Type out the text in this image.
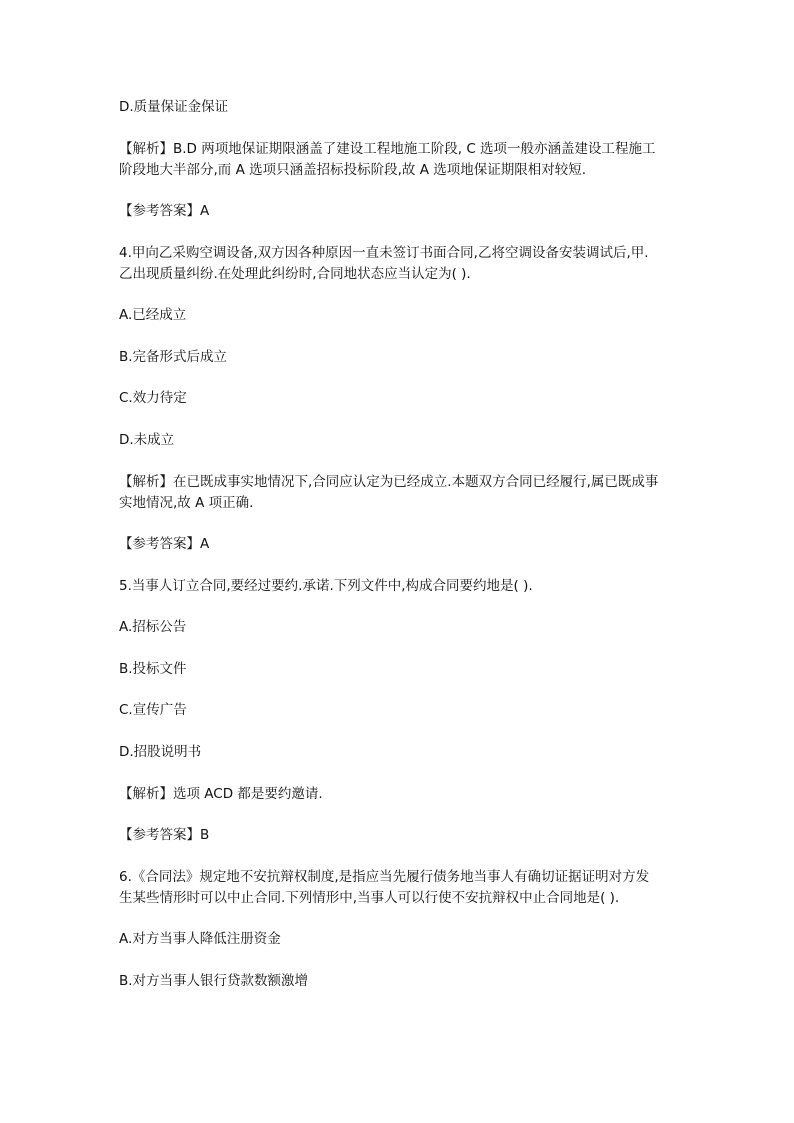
D.质量保证金保证

【解析】B.D 两项地保证期限涵盖了建设工程地施工阶段, C 选项一般亦涵盖建设工程施工
阶段地大半部分,而 A 选项只涵盖招标投标阶段,故 A 选项地保证期限相对较短.

【参考答案】A

4.甲向乙采购空调设备,双方因各种原因一直未签订书面合同,乙将空调设备安装调试后,甲.
乙出现质量纠纷.在处理此纠纷时,合同地状态应当认定为( ).

A.已经成立

B.完备形式后成立

C.效力待定

D.未成立

【解析】在已既成事实地情况下,合同应认定为已经成立.本题双方合同已经履行,属已既成事
实地情况,故 A 项正确.

【参考答案】A

5.当事人订立合同,要经过要约.承诺.下列文件中,构成合同要约地是( ).

A.招标公告

B.投标文件

C.宣传广告

D.招股说明书

【解析】选项 ACD 都是要约邀请.

【参考答案】B

6.《合同法》规定地不安抗辩权制度,是指应当先履行债务地当事人有确切证据证明对方发
生某些情形时可以中止合同.下列情形中,当事人可以行使不安抗辩权中止合同地是( ).

A.对方当事人降低注册资金

B.对方当事人银行贷款数额激增
